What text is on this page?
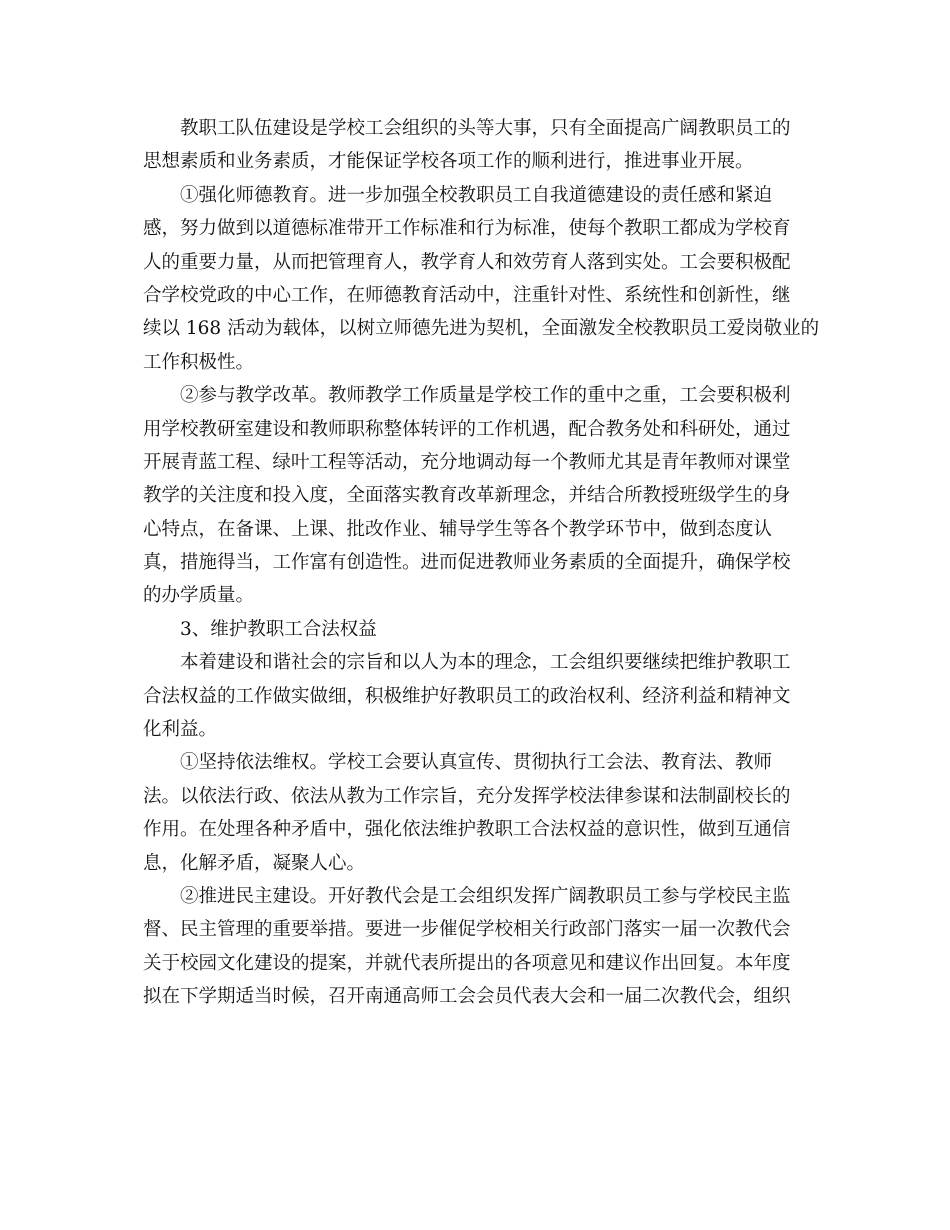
教职工队伍建设是学校工会组织的头等大事，只有全面提高广阔教职员工的
思想素质和业务素质，才能保证学校各项工作的顺利进行，推进事业开展。
①强化师德教育。进一步加强全校教职员工自我道德建设的责任感和紧迫
感，努力做到以道德标准带开工作标准和行为标准，使每个教职工都成为学校育
人的重要力量，从而把管理育人，教学育人和效劳育人落到实处。工会要积极配
合学校党政的中心工作，在师德教育活动中，注重针对性、系统性和创新性，继
续以 168 活动为载体，以树立师德先进为契机，全面激发全校教职员工爱岗敬业的
工作积极性。
②参与教学改革。教师教学工作质量是学校工作的重中之重，工会要积极利
用学校教研室建设和教师职称整体转评的工作机遇，配合教务处和科研处，通过
开展青蓝工程、绿叶工程等活动，充分地调动每一个教师尤其是青年教师对课堂
教学的关注度和投入度，全面落实教育改革新理念，并结合所教授班级学生的身
心特点，在备课、上课、批改作业、辅导学生等各个教学环节中，做到态度认
真，措施得当，工作富有创造性。进而促进教师业务素质的全面提升，确保学校
的办学质量。
3、维护教职工合法权益
本着建设和谐社会的宗旨和以人为本的理念，工会组织要继续把维护教职工
合法权益的工作做实做细，积极维护好教职员工的政治权利、经济利益和精神文
化利益。
①坚持依法维权。学校工会要认真宣传、贯彻执行工会法、教育法、教师
法。以依法行政、依法从教为工作宗旨，充分发挥学校法律参谋和法制副校长的
作用。在处理各种矛盾中，强化依法维护教职工合法权益的意识性，做到互通信
息，化解矛盾，凝聚人心。
②推进民主建设。开好教代会是工会组织发挥广阔教职员工参与学校民主监
督、民主管理的重要举措。要进一步催促学校相关行政部门落实一届一次教代会
关于校园文化建设的提案，并就代表所提出的各项意见和建议作出回复。本年度
拟在下学期适当时候，召开南通高师工会会员代表大会和一届二次教代会，组织
